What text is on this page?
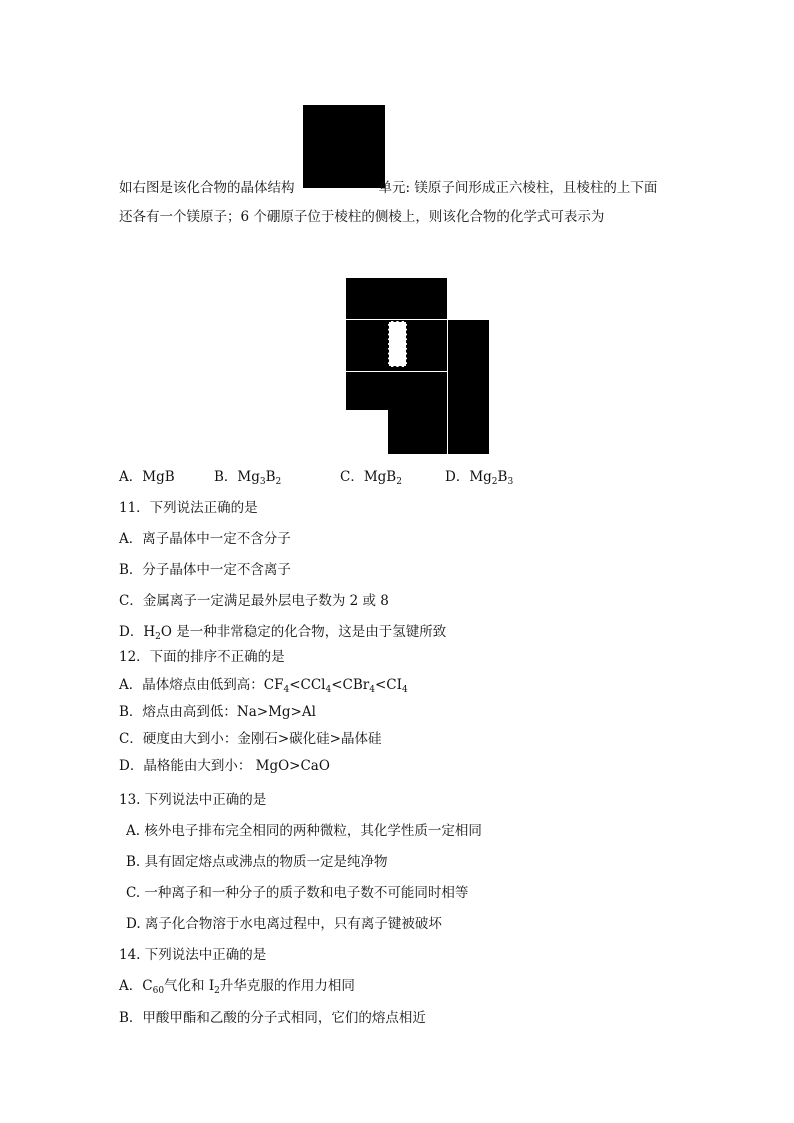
如右图是该化合物的晶体结构	单元: 镁原子间形成正六棱柱，且棱柱的上下面
还各有一个镁原子；6 个硼原子位于棱柱的侧棱上，则该化合物的化学式可表示为
A．MgB	B．$Mg_3B_2$	C．MgB$_2$	D．$Mg_2B_3$
11．下列说法正确的是
A．离子晶体中一定不含分子
B．分子晶体中一定不含离子
C．金属离子一定满足最外层电子数为 2 或 8
D．$H_2O$ 是一种非常稳定的化合物，这是由于氢键所致
12．下面的排序不正确的是
A．晶体熔点由低到高：$CF_4<CCl_4<CBr_4<CI_4$
B．熔点由高到低：Na>Mg>Al
C．硬度由大到小：金刚石>碳化硅>晶体硅
D．晶格能由大到小： MgO>CaO
13. 下列说法中正确的是
A. 核外电子排布完全相同的两种微粒，其化学性质一定相同
B. 具有固定熔点或沸点的物质一定是纯净物
C. 一种离子和一种分子的质子数和电子数不可能同时相等
D. 离子化合物溶于水电离过程中，只有离子键被破坏
14. 下列说法中正确的是
A．$C_{60}$气化和 $I_2$升华克服的作用力相同
B．甲酸甲酯和乙酸的分子式相同，它们的熔点相近
